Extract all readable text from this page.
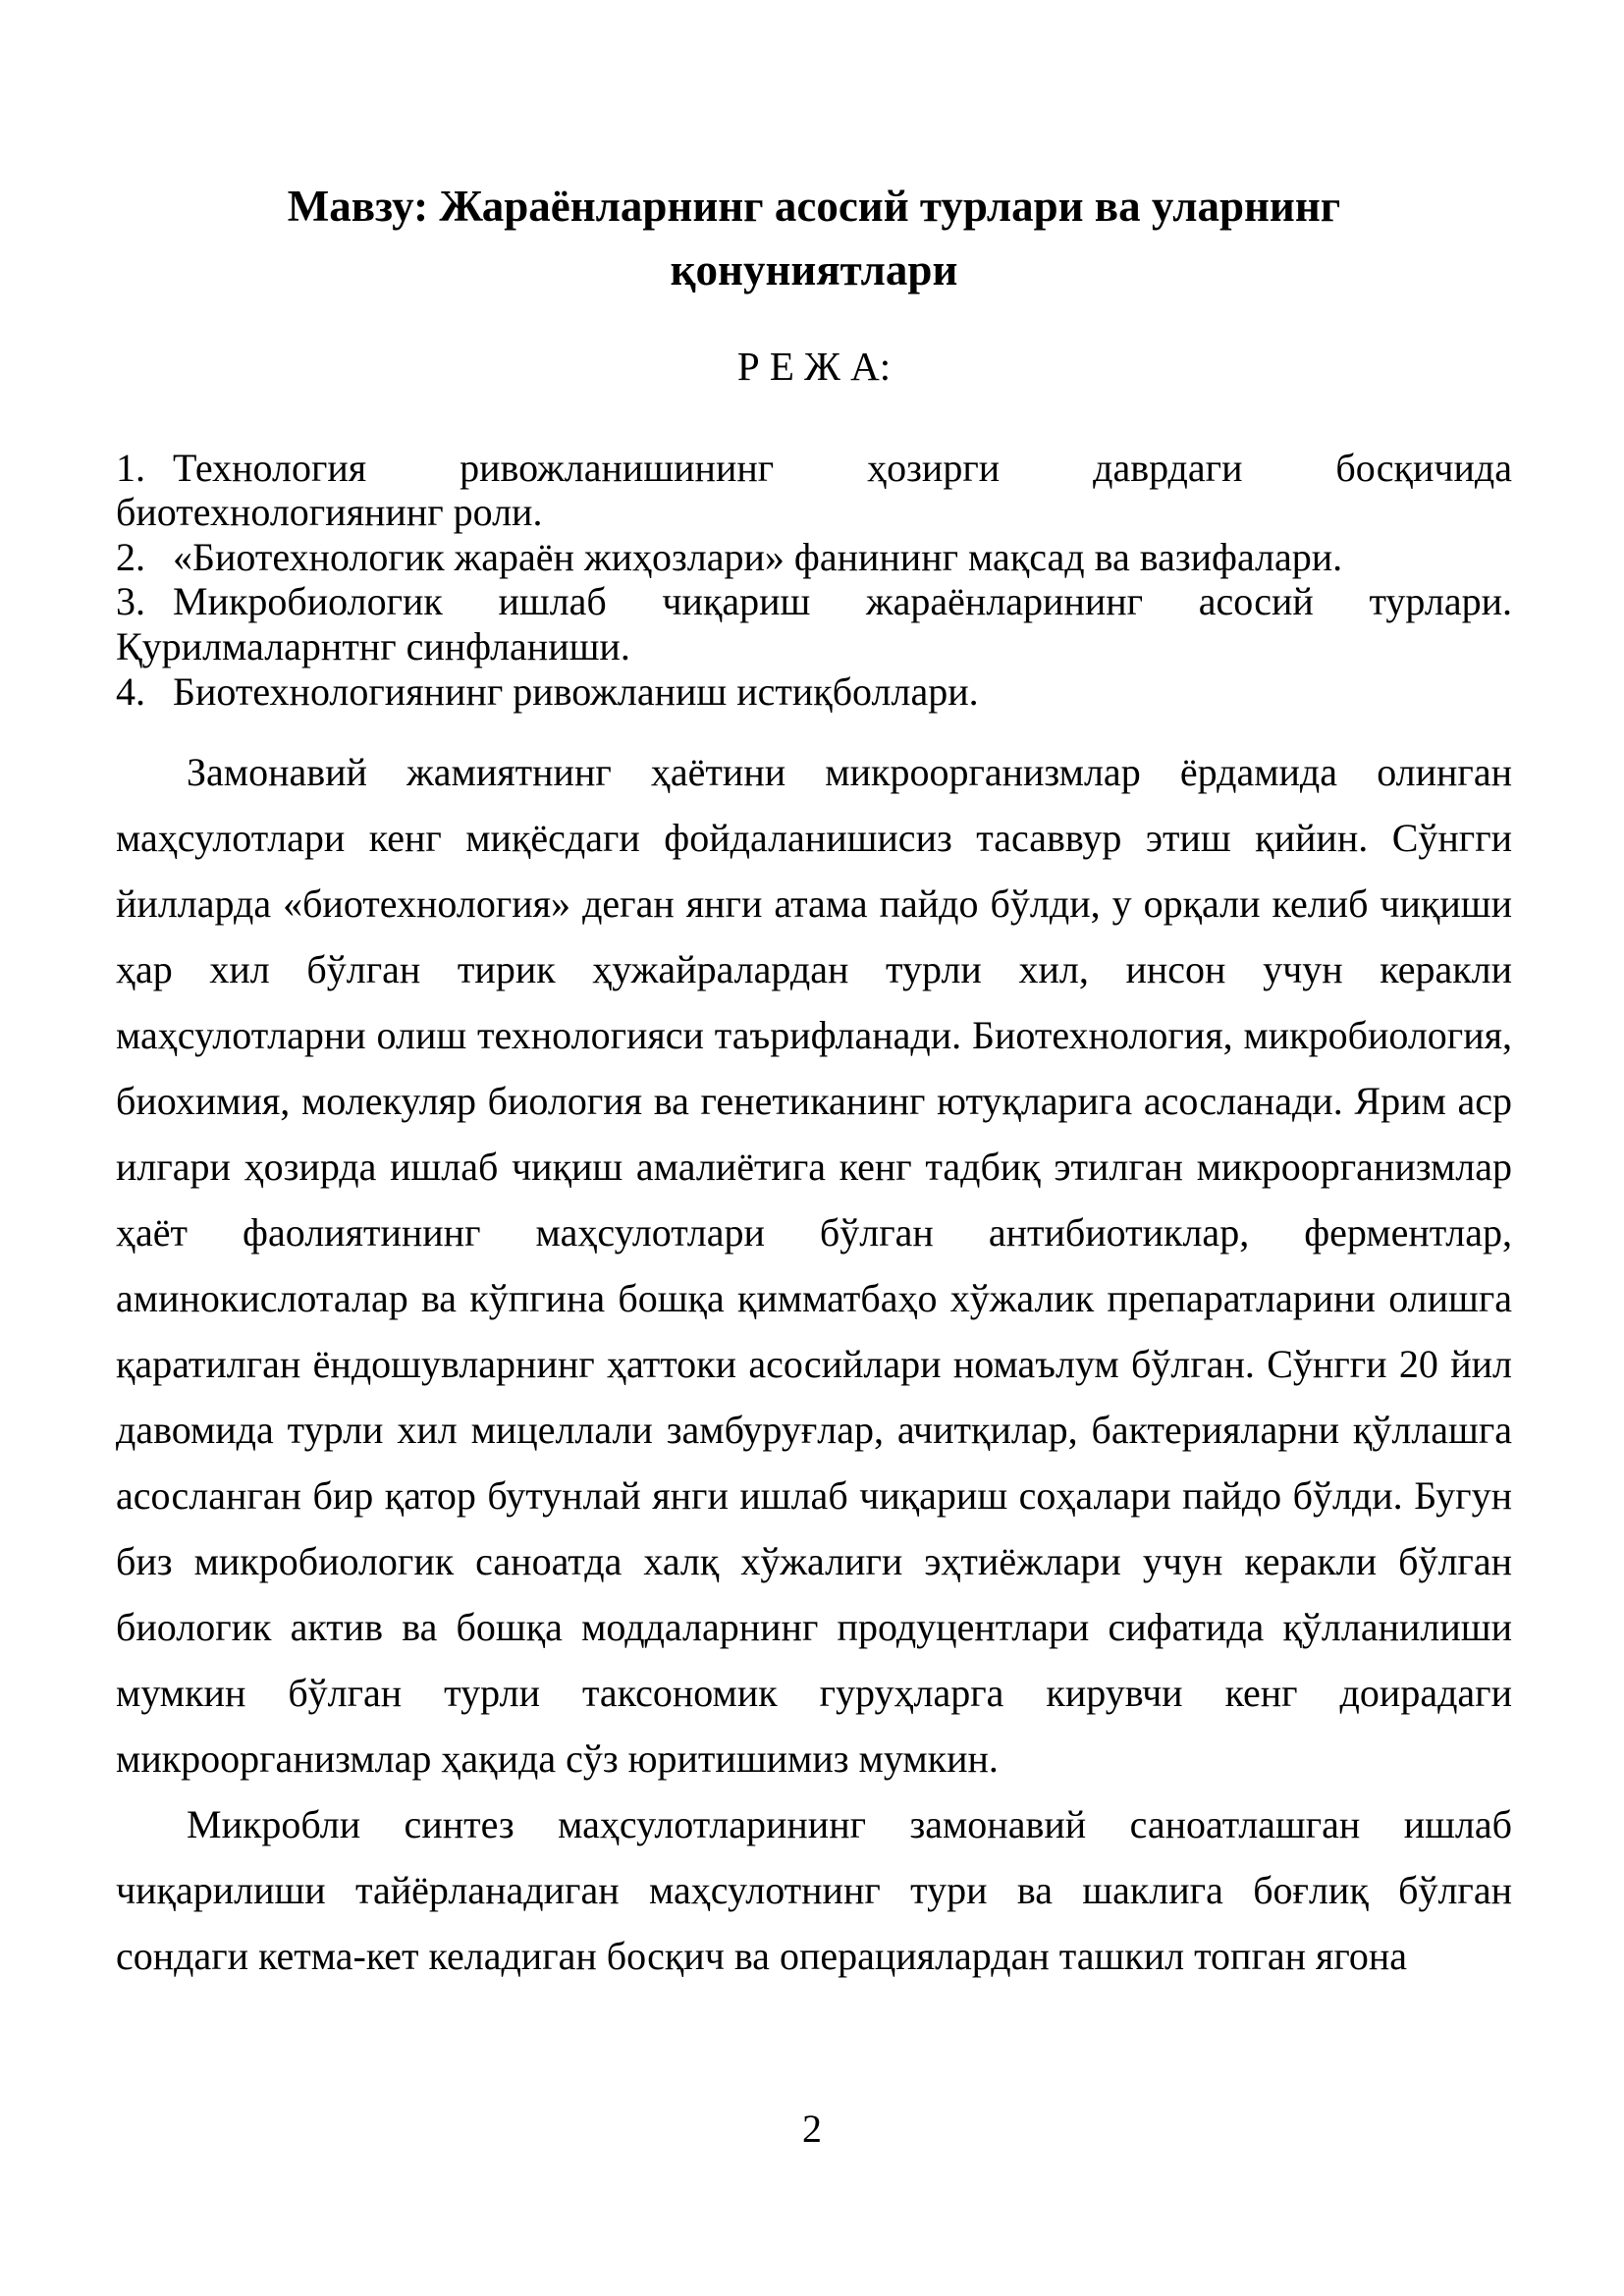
Мавзу: Жараёнларнинг асосий турлари ва уларнинг қонуниятлари
Р Е Ж А:

1. Технология ривожланишининг ҳозирги даврдаги босқичида биотехнологиянинг роли.

2. «Биотехнологик жараён жиҳозлари» фанининг мақсад ва вазифалари.

3. Микробиологик ишлаб чиқариш жараёнларининг асосий турлари. Қурилмаларнтнг синфланиши.

4. Биотехнологиянинг ривожланиш истиқболлари.

Замонавий жамиятнинг ҳаётини микроорганизмлар ёрдамида олинган маҳсулотлари кенг миқёсдаги фойдаланишисиз тасаввур этиш қийин. Сўнгги йилларда «биотехнология» деган янги атама пайдо бўлди, у орқали келиб чиқиши ҳар хил бўлган тирик ҳужайралардан турли хил, инсон учун керакли маҳсулотларни олиш технологияси таърифланади. Биотехнология, микробиология, биохимия, молекуляр биология ва генетиканинг ютуқларига асосланади. Ярим аср илгари ҳозирда ишлаб чиқиш амалиётига кенг тадбиқ этилган микроорганизмлар ҳаёт фаолиятининг маҳсулотлари бўлган антибиотиклар, ферментлар, аминокислоталар ва кўпгина бошқа қимматбаҳо хўжалик препаратларини олишга қаратилган ёндошувларнинг ҳаттоки асосийлари номаълум бўлган. Сўнгги 20 йил давомида турли хил мицеллали замбуруғлар, ачитқилар, бактерияларни қўллашга асосланган бир қатор бутунлай янги ишлаб чиқариш соҳалари пайдо бўлди. Бугун биз микробиологик саноатда халқ хўжалиги эҳтиёжлари учун керакли бўлган биологик актив ва бошқа моддаларнинг продуцентлари сифатида қўлланилиши мумкин бўлган турли таксономик гуруҳларга кирувчи кенг доирадаги микроорганизмлар ҳақида сўз юритишимиз мумкин.

Микробли синтез маҳсулотларининг замонавий саноатлашган ишлаб чиқарилиши тайёрланадиган маҳсулотнинг тури ва шаклига боғлиқ бўлган сондаги кетма-кет келадиган босқич ва операциялардан ташкил топган ягона

2
